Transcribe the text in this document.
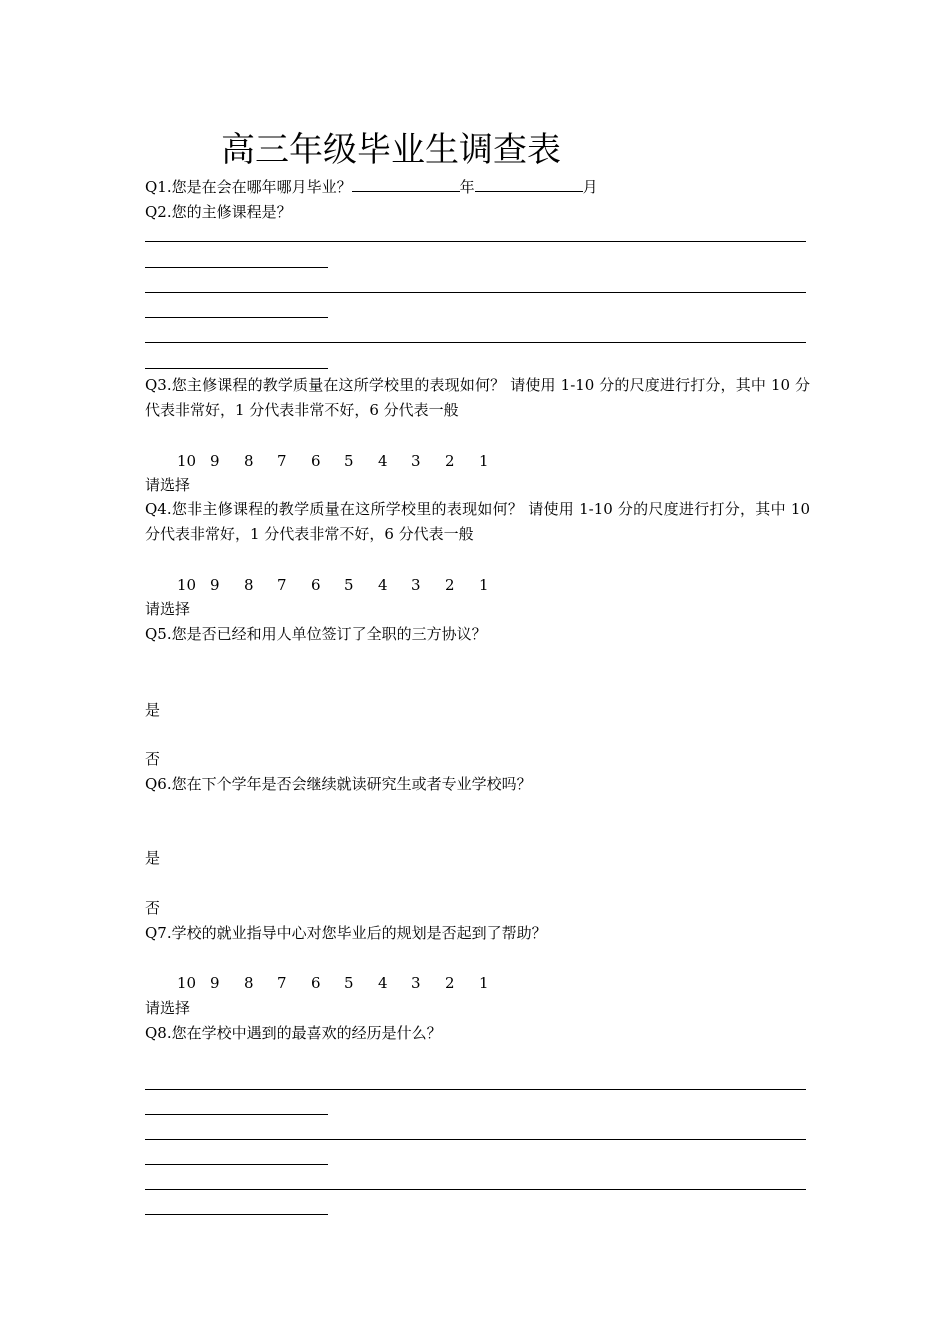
高三年级毕业生调查表
Q1.您是在会在哪年哪月毕业？	年	月
Q2.您的主修课程是？
Q3.您主修课程的教学质量在这所学校里的表现如何？ 请使用 1-10 分的尺度进行打分，其中 10 分代表非常好，1 分代表非常不好，6 分代表一般
10 9 8 7 6 5 4 3 2 1
请选择
Q4.您非主修课程的教学质量在这所学校里的表现如何？ 请使用 1-10 分的尺度进行打分，其中 10 分代表非常好，1 分代表非常不好，6 分代表一般
10 9 8 7 6 5 4 3 2 1
请选择
Q5.您是否已经和用人单位签订了全职的三方协议？
是
否
Q6.您在下个学年是否会继续就读研究生或者专业学校吗？
是
否
Q7.学校的就业指导中心对您毕业后的规划是否起到了帮助？
10 9 8 7 6 5 4 3 2 1
请选择
Q8.您在学校中遇到的最喜欢的经历是什么？
